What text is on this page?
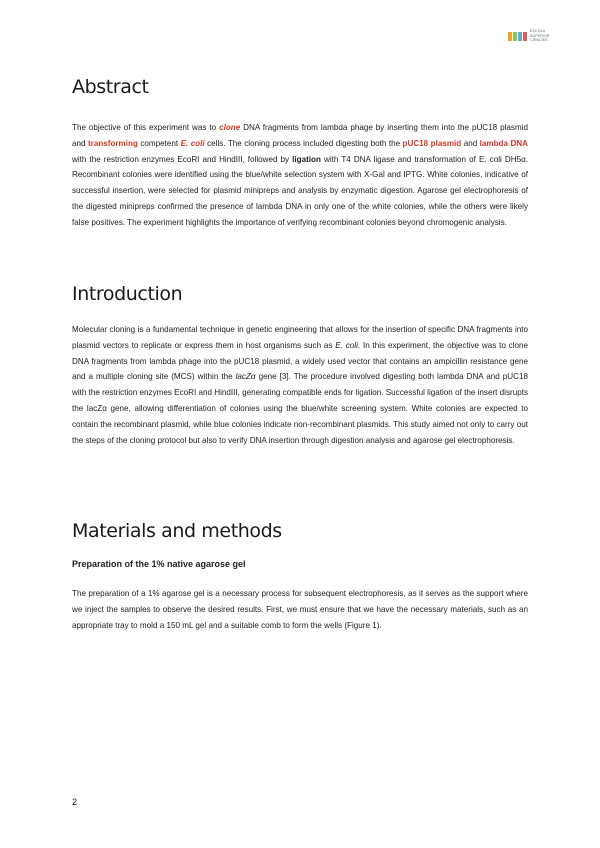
ESCOLA SUPERIOR
CIÈNCIES
Abstract

The objective of this experiment was to clone DNA fragments from lambda phage by inserting them into the pUC18 plasmid and transforming competent E. coli cells. The cloning process included digesting both the pUC18 plasmid and lambda DNA with the restriction enzymes EcoRI and HindIII, followed by ligation with T4 DNA ligase and transformation of E. coli DH5α. Recombinant colonies were identified using the blue/white selection system with X-Gal and IPTG. White colonies, indicative of successful insertion, were selected for plasmid minipreps and analysis by enzymatic digestion. Agarose gel electrophoresis of the digested minipreps confirmed the presence of lambda DNA in only one of the white colonies, while the others were likely false positives. The experiment highlights the importance of verifying recombinant colonies beyond chromogenic analysis.

Introduction

Molecular cloning is a fundamental technique in genetic engineering that allows for the insertion of specific DNA fragments into plasmid vectors to replicate or express them in host organisms such as E. coli. In this experiment, the objective was to clone DNA fragments from lambda phage into the pUC18 plasmid, a widely used vector that contains an ampicillin resistance gene and a multiple cloning site (MCS) within the lacZα gene [3]. The procedure involved digesting both lambda DNA and pUC18 with the restriction enzymes EcoRI and HindIII, generating compatible ends for ligation. Successful ligation of the insert disrupts the lacZα gene, allowing differentiation of colonies using the blue/white screening system. White colonies are expected to contain the recombinant plasmid, while blue colonies indicate non-recombinant plasmids. This study aimed not only to carry out the steps of the cloning protocol but also to verify DNA insertion through digestion analysis and agarose gel electrophoresis.

Materials and methods
Preparation of the 1% native agarose gel

The preparation of a 1% agarose gel is a necessary process for subsequent electrophoresis, as it serves as the support where we inject the samples to observe the desired results. First, we must ensure that we have the necessary materials, such as an appropriate tray to mold a 150 mL gel and a suitable comb to form the wells (Figure 1).

2
